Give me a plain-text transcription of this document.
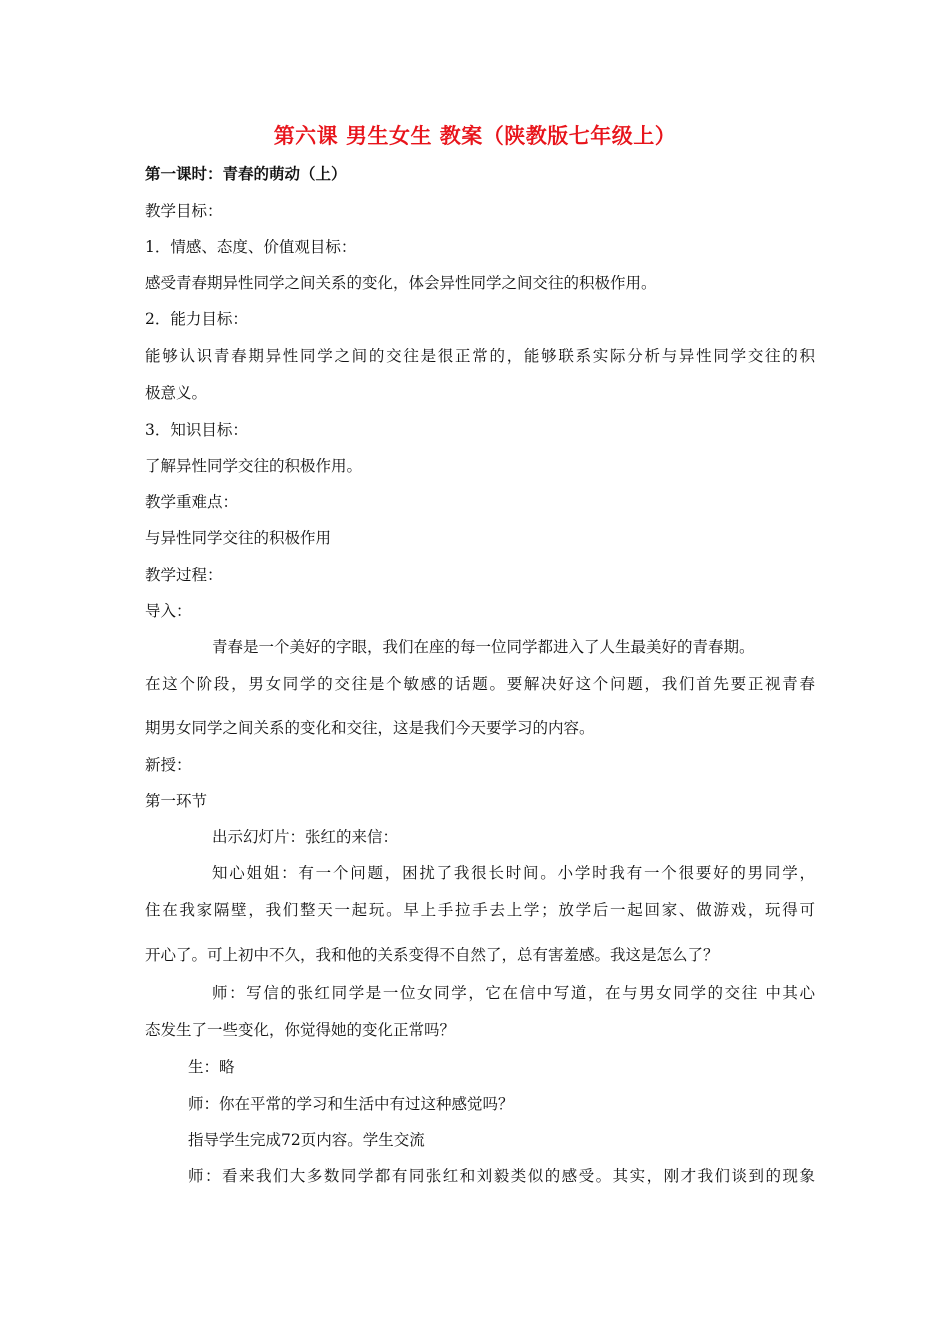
第六课 男生女生 教案（陕教版七年级上）
第一课时：青春的萌动（上）
教学目标：
1．情感、态度、价值观目标：
感受青春期异性同学之间关系的变化，体会异性同学之间交往的积极作用。
2．能力目标：
能够认识青春期异性同学之间的交往是很正常的，能够联系实际分析与异性同学交往的积
极意义。
3．知识目标：
了解异性同学交往的积极作用。
教学重难点：
与异性同学交往的积极作用
教学过程：
导入：
青春是一个美好的字眼，我们在座的每一位同学都进入了人生最美好的青春期。
在这个阶段，男女同学的交往是个敏感的话题。要解决好这个问题，我们首先要正视青春
期男女同学之间关系的变化和交往，这是我们今天要学习的内容。
新授：
第一环节
出示幻灯片：张红的来信：
知心姐姐：有一个问题，困扰了我很长时间。小学时我有一个很要好的男同学，
住在我家隔壁，我们整天一起玩。早上手拉手去上学；放学后一起回家、做游戏，玩得可
开心了。可上初中不久，我和他的关系变得不自然了，总有害羞感。我这是怎么了？
师：写信的张红同学是一位女同学，它在信中写道，在与男女同学的交往 中其心
态发生了一些变化，你觉得她的变化正常吗？
生：略
师：你在平常的学习和生活中有过这种感觉吗？
指导学生完成72页内容。学生交流
师：看来我们大多数同学都有同张红和刘毅类似的感受。其实，刚才我们谈到的现象
